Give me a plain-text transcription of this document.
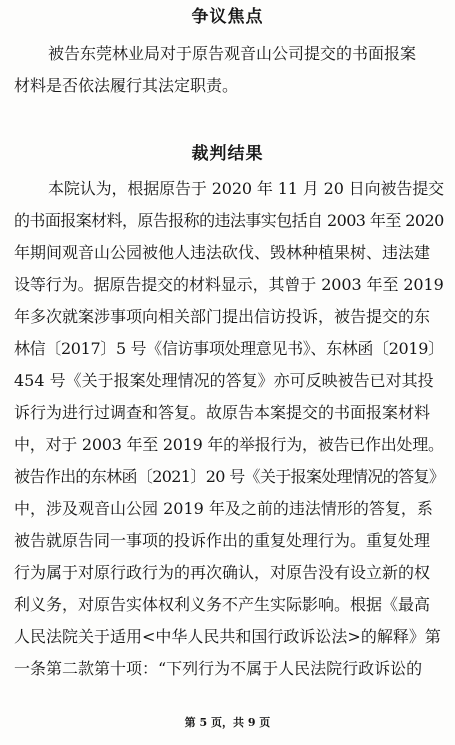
争议焦点
被告东莞林业局对于原告观音山公司提交的书面报案
材料是否依法履行其法定职责。
裁判结果
本院认为，根据原告于 2020 年 11 月 20 日向被告提交
的书面报案材料，原告报称的违法事实包括自 2003 年至 2020
年期间观音山公园被他人违法砍伐、毁林种植果树、违法建
设等行为。据原告提交的材料显示，其曾于 2003 年至 2019
年多次就案涉事项向相关部门提出信访投诉，被告提交的东
林信〔2017〕5 号《信访事项处理意见书》、东林函〔2019〕
454 号《关于报案处理情况的答复》亦可反映被告已对其投
诉行为进行过调查和答复。故原告本案提交的书面报案材料
中，对于 2003 年至 2019 年的举报行为，被告已作出处理。
被告作出的东林函〔2021〕20 号《关于报案处理情况的答复》
中，涉及观音山公园 2019 年及之前的违法情形的答复，系
被告就原告同一事项的投诉作出的重复处理行为。重复处理
行为属于对原行政行为的再次确认，对原告没有设立新的权
利义务，对原告实体权利义务不产生实际影响。根据《最高
人民法院关于适用<中华人民共和国行政诉讼法>的解释》第
一条第二款第十项：“下列行为不属于人民法院行政诉讼的
第 5 页，共 9 页
